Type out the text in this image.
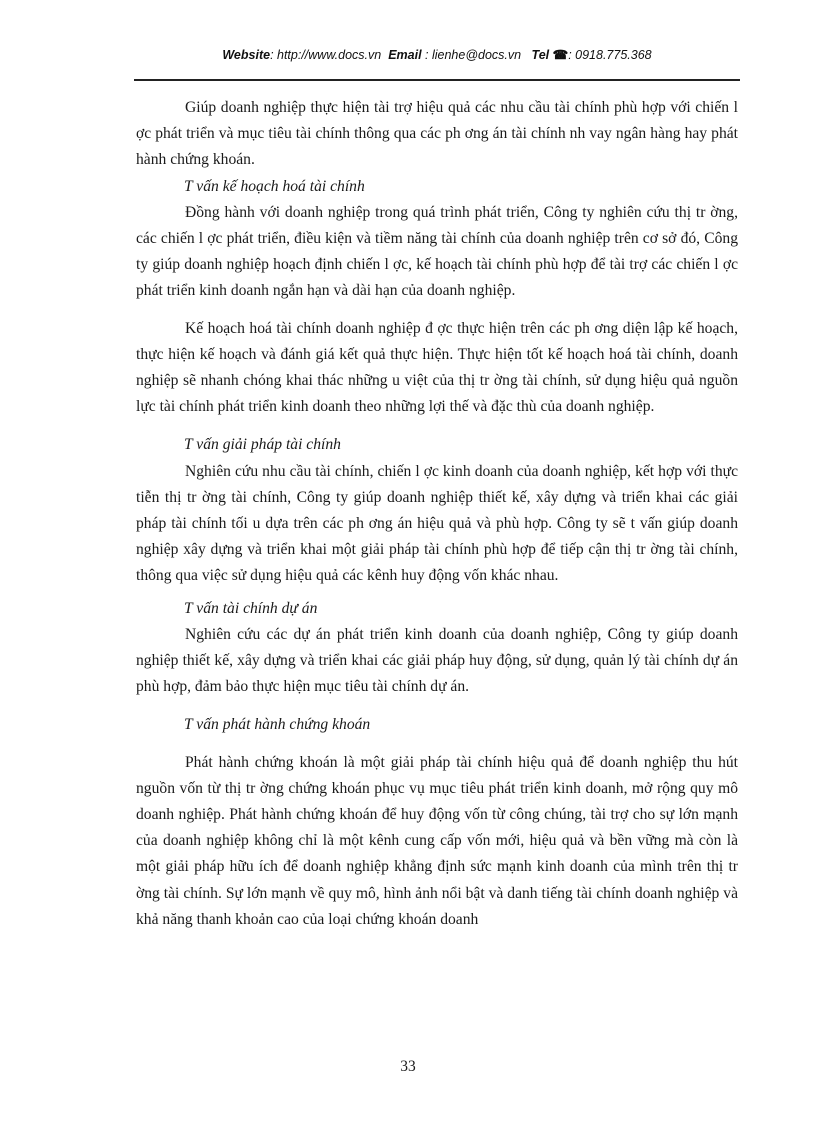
Website: http://www.docs.vn Email : lienhe@docs.vn Tel ☎: 0918.775.368

Giúp doanh nghiệp thực hiện tài trợ hiệu quả các nhu cầu tài chính phù hợp với chiến l ợc phát triển và mục tiêu tài chính thông qua các ph ơng án tài chính nh vay ngân hàng hay phát hành chứng khoán.

T vấn kế hoạch hoá tài chính

Đồng hành với doanh nghiệp trong quá trình phát triển, Công ty nghiên cứu thị tr ờng, các chiến l ợc phát triển, điều kiện và tiềm năng tài chính của doanh nghiệp trên cơ sở đó, Công ty giúp doanh nghiệp hoạch định chiến l ợc, kế hoạch tài chính phù hợp để tài trợ các chiến l ợc phát triển kinh doanh ngắn hạn và dài hạn của doanh nghiệp.

Kế hoạch hoá tài chính doanh nghiệp đ ợc thực hiện trên các ph ơng diện lập kế hoạch, thực hiện kế hoạch và đánh giá kết quả thực hiện. Thực hiện tốt kế hoạch hoá tài chính, doanh nghiệp sẽ nhanh chóng khai thác những u việt của thị tr ờng tài chính, sử dụng hiệu quả nguồn lực tài chính phát triển kinh doanh theo những lợi thế và đặc thù của doanh nghiệp.

T vấn giải pháp tài chính

Nghiên cứu nhu cầu tài chính, chiến l ợc kinh doanh của doanh nghiệp, kết hợp với thực tiễn thị tr ờng tài chính, Công ty giúp doanh nghiệp thiết kế, xây dựng và triển khai các giải pháp tài chính tối u dựa trên các ph ơng án hiệu quả và phù hợp. Công ty sẽ t vấn giúp doanh nghiệp xây dựng và triển khai một giải pháp tài chính phù hợp để tiếp cận thị tr ờng tài chính, thông qua việc sử dụng hiệu quả các kênh huy động vốn khác nhau.

T vấn tài chính dự án

Nghiên cứu các dự án phát triển kinh doanh của doanh nghiệp, Công ty giúp doanh nghiệp thiết kế, xây dựng và triển khai các giải pháp huy động, sử dụng, quản lý tài chính dự án phù hợp, đảm bảo thực hiện mục tiêu tài chính dự án.

T vấn phát hành chứng khoán

Phát hành chứng khoán là một giải pháp tài chính hiệu quả để doanh nghiệp thu hút nguồn vốn từ thị tr ờng chứng khoán phục vụ mục tiêu phát triển kinh doanh, mở rộng quy mô doanh nghiệp. Phát hành chứng khoán để huy động vốn từ công chúng, tài trợ cho sự lớn mạnh của doanh nghiệp không chỉ là một kênh cung cấp vốn mới, hiệu quả và bền vững mà còn là một giải pháp hữu ích để doanh nghiệp khẳng định sức mạnh kinh doanh của mình trên thị tr ờng tài chính. Sự lớn mạnh về quy mô, hình ảnh nổi bật và danh tiếng tài chính doanh nghiệp và khả năng thanh khoản cao của loại chứng khoán doanh

33
